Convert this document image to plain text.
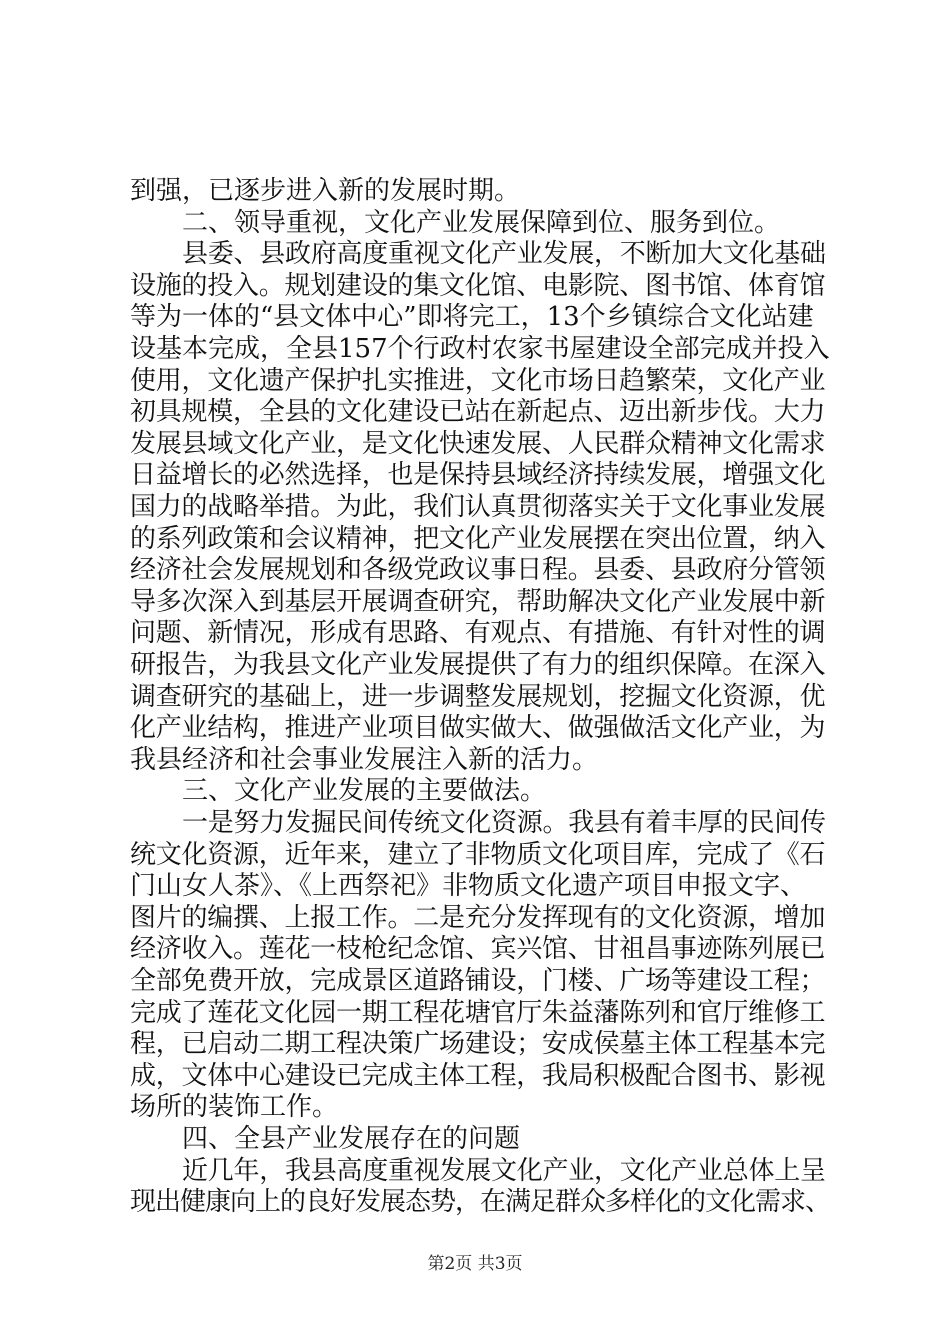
到强，已逐步进入新的发展时期。
二、领导重视，文化产业发展保障到位、服务到位。
县委、县政府高度重视文化产业发展，不断加大文化基础
设施的投入。规划建设的集文化馆、电影院、图书馆、体育馆
等为一体的“县文体中心”即将完工，13个乡镇综合文化站建
设基本完成，全县157个行政村农家书屋建设全部完成并投入
使用，文化遗产保护扎实推进，文化市场日趋繁荣，文化产业
初具规模，全县的文化建设已站在新起点、迈出新步伐。大力
发展县域文化产业，是文化快速发展、人民群众精神文化需求
日益增长的必然选择，也是保持县域经济持续发展，增强文化
国力的战略举措。为此，我们认真贯彻落实关于文化事业发展
的系列政策和会议精神，把文化产业发展摆在突出位置，纳入
经济社会发展规划和各级党政议事日程。县委、县政府分管领
导多次深入到基层开展调查研究，帮助解决文化产业发展中新
问题、新情况，形成有思路、有观点、有措施、有针对性的调
研报告，为我县文化产业发展提供了有力的组织保障。在深入
调查研究的基础上，进一步调整发展规划，挖掘文化资源，优
化产业结构，推进产业项目做实做大、做强做活文化产业，为
我县经济和社会事业发展注入新的活力。
三、文化产业发展的主要做法。
一是努力发掘民间传统文化资源。我县有着丰厚的民间传
统文化资源，近年来，建立了非物质文化项目库，完成了《石
门山女人茶》、《上西祭祀》非物质文化遗产项目申报文字、
图片的编撰、上报工作。二是充分发挥现有的文化资源，增加
经济收入。莲花一枝枪纪念馆、宾兴馆、甘祖昌事迹陈列展已
全部免费开放，完成景区道路铺设，门楼、广场等建设工程；
完成了莲花文化园一期工程花塘官厅朱益藩陈列和官厅维修工
程，已启动二期工程决策广场建设；安成侯墓主体工程基本完
成，文体中心建设已完成主体工程，我局积极配合图书、影视
场所的装饰工作。
四、全县产业发展存在的问题
近几年，我县高度重视发展文化产业，文化产业总体上呈
现出健康向上的良好发展态势，在满足群众多样化的文化需求、
第2页 共3页
